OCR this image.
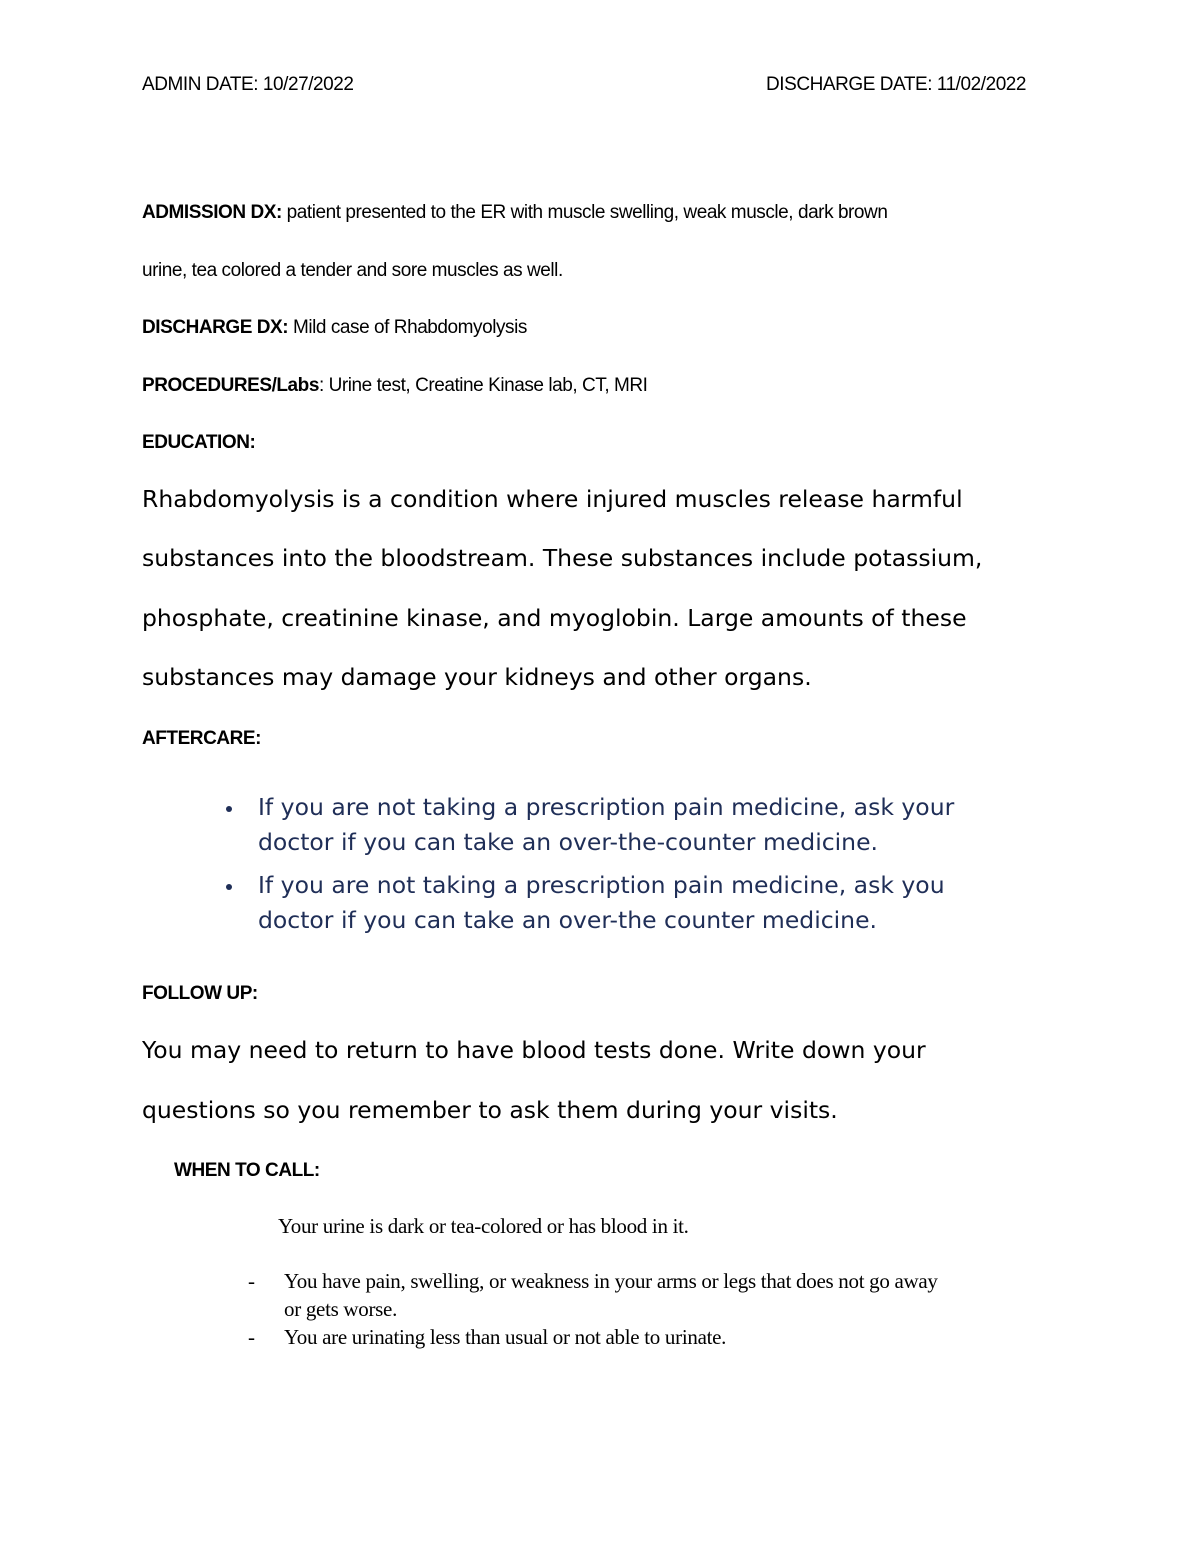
ADMIN DATE: 10/27/2022	DISCHARGE DATE: 11/02/2022
ADMISSION DX: patient presented to the ER with muscle swelling, weak muscle, dark brown
urine, tea colored a tender and sore muscles as well.
DISCHARGE DX: Mild case of Rhabdomyolysis
PROCEDURES/Labs: Urine test, Creatine Kinase lab, CT, MRI
EDUCATION:
Rhabdomyolysis is a condition where injured muscles release harmful
substances into the bloodstream. These substances include potassium,
phosphate, creatinine kinase, and myoglobin. Large amounts of these
substances may damage your kidneys and other organs.
AFTERCARE:
If you are not taking a prescription pain medicine, ask your
doctor if you can take an over-the-counter medicine.
If you are not taking a prescription pain medicine, ask you
doctor if you can take an over-the counter medicine.
FOLLOW UP:
You may need to return to have blood tests done. Write down your
questions so you remember to ask them during your visits.
WHEN TO CALL:
Your urine is dark or tea-colored or has blood in it.
- You have pain, swelling, or weakness in your arms or legs that does not go away
or gets worse.
- You are urinating less than usual or not able to urinate.
